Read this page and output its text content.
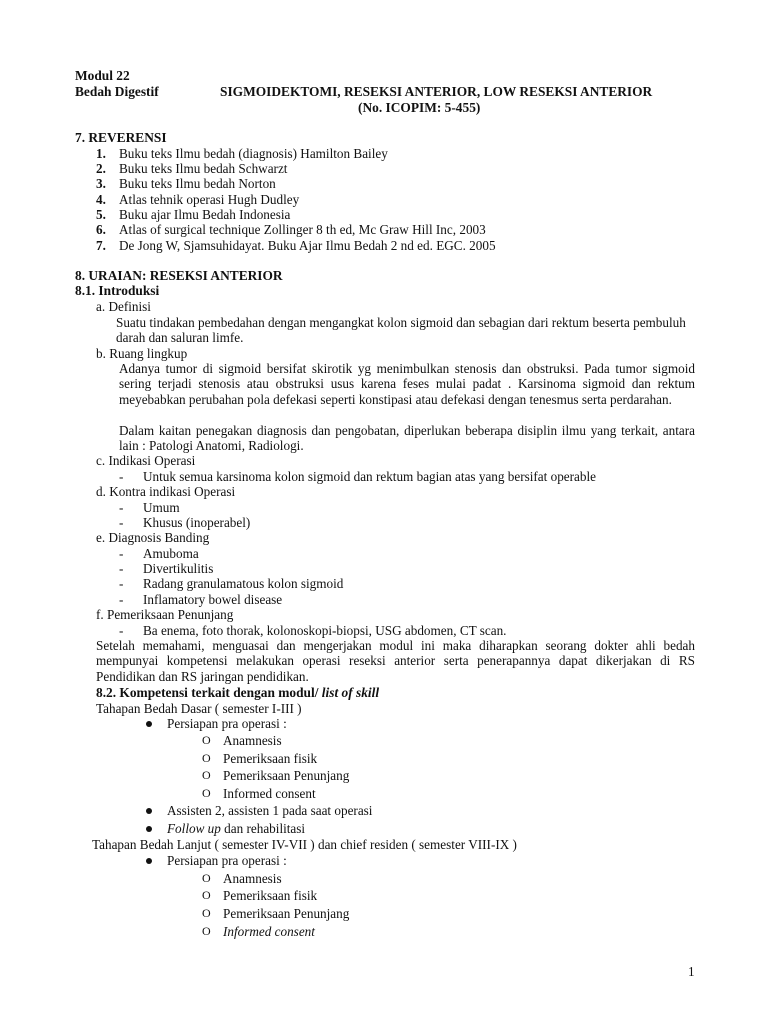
Modul 22
Bedah Digestif	SIGMOIDEKTOMI, RESEKSI ANTERIOR, LOW RESEKSI ANTERIOR
(No. ICOPIM: 5-455)
7. REVERENSI
1. Buku teks Ilmu bedah (diagnosis) Hamilton Bailey
2. Buku teks Ilmu bedah Schwarzt
3. Buku teks Ilmu bedah Norton
4. Atlas tehnik operasi Hugh Dudley
5. Buku ajar Ilmu Bedah Indonesia
6. Atlas of surgical technique Zollinger 8 th ed, Mc Graw Hill Inc, 2003
7. De Jong W, Sjamsuhidayat. Buku Ajar Ilmu Bedah 2 nd ed. EGC. 2005
8. URAIAN: RESEKSI ANTERIOR
8.1. Introduksi
a. Definisi
Suatu tindakan pembedahan dengan mengangkat kolon sigmoid dan sebagian dari rektum beserta pembuluh darah dan saluran limfe.
b. Ruang lingkup
Adanya tumor di sigmoid bersifat skirotik yg menimbulkan stenosis dan obstruksi. Pada tumor sigmoid sering terjadi stenosis atau obstruksi usus karena feses mulai padat . Karsinoma sigmoid dan rektum meyebabkan perubahan pola defekasi seperti konstipasi atau defekasi dengan tenesmus serta perdarahan.
Dalam kaitan penegakan diagnosis dan pengobatan, diperlukan beberapa disiplin ilmu yang terkait, antara lain : Patologi Anatomi, Radiologi.
c. Indikasi Operasi
- Untuk semua karsinoma kolon sigmoid dan rektum bagian atas yang bersifat operable
d. Kontra indikasi Operasi
- Umum
- Khusus (inoperabel)
e. Diagnosis Banding
- Amuboma
- Divertikulitis
- Radang granulamatous kolon sigmoid
- Inflamatory bowel disease
f. Pemeriksaan Penunjang
- Ba enema, foto thorak, kolonoskopi-biopsi, USG abdomen, CT scan.
Setelah memahami, menguasai dan mengerjakan modul ini maka diharapkan seorang dokter ahli bedah mempunyai kompetensi melakukan operasi reseksi anterior serta penerapannya dapat dikerjakan di RS Pendidikan dan RS jaringan pendidikan.
8.2. Kompetensi terkait dengan modul/ list of skill
Tahapan Bedah Dasar ( semester I-III )
Persiapan pra operasi :
O Anamnesis
O Pemeriksaan fisik
O Pemeriksaan Penunjang
O Informed consent
Assisten 2, assisten 1 pada saat operasi
Follow up dan rehabilitasi
Tahapan Bedah Lanjut ( semester IV-VII ) dan chief residen ( semester VIII-IX )
Persiapan pra operasi :
O Anamnesis
O Pemeriksaan fisik
O Pemeriksaan Penunjang
O Informed consent
1
